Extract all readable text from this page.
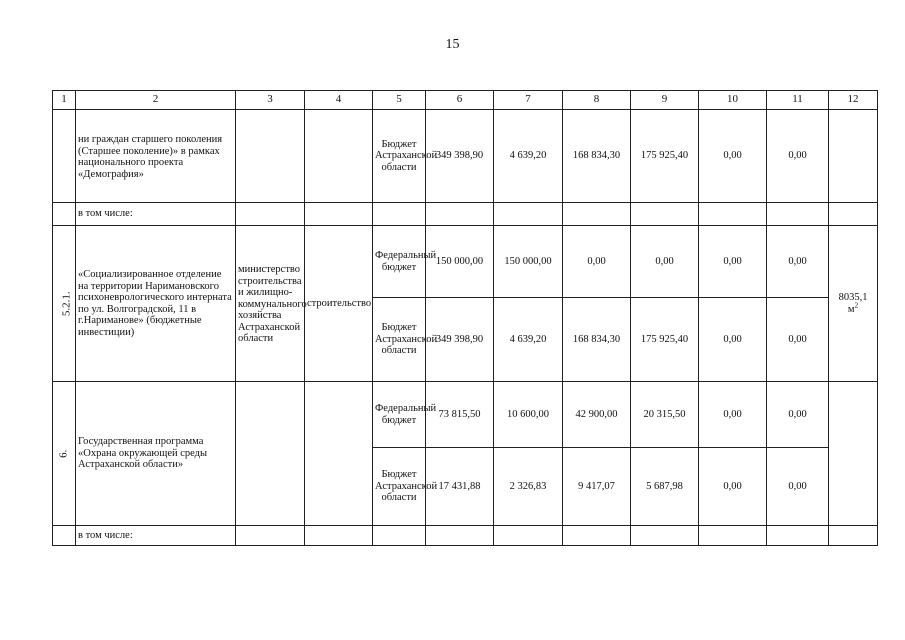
15
1	2	3	4	5	6	7	8	9	10	11	12
	ни граждан старшего поколения (Старшее поколение)» в рамках национального проекта «Демография»			Бюджет Астраханской области	349 398,90	4 639,20	168 834,30	175 925,40	0,00	0,00	
	в том числе:										
5.2.1.	«Социализированное отделение на территории Наримановского психоневрологического интерната по ул. Волгоградской, 11 в г.Нариманове» (бюджетные инвестиции)	министерство строительства и жилищно-коммунального хозяйства Астраханской области	строительство	Федеральный бюджет	150 000,00	150 000,00	0,00	0,00	0,00	0,00	8035,1
$м^2$
				Бюджет Астраханской области	349 398,90	4 639,20	168 834,30	175 925,40	0,00	0,00	
6.	Государственная программа «Охрана окружающей среды Астраханской области»			Федеральный бюджет	73 815,50	10 600,00	42 900,00	20 315,50	0,00	0,00	
				Бюджет Астраханской области	17 431,88	2 326,83	9 417,07	5 687,98	0,00	0,00	
	в том числе:										
